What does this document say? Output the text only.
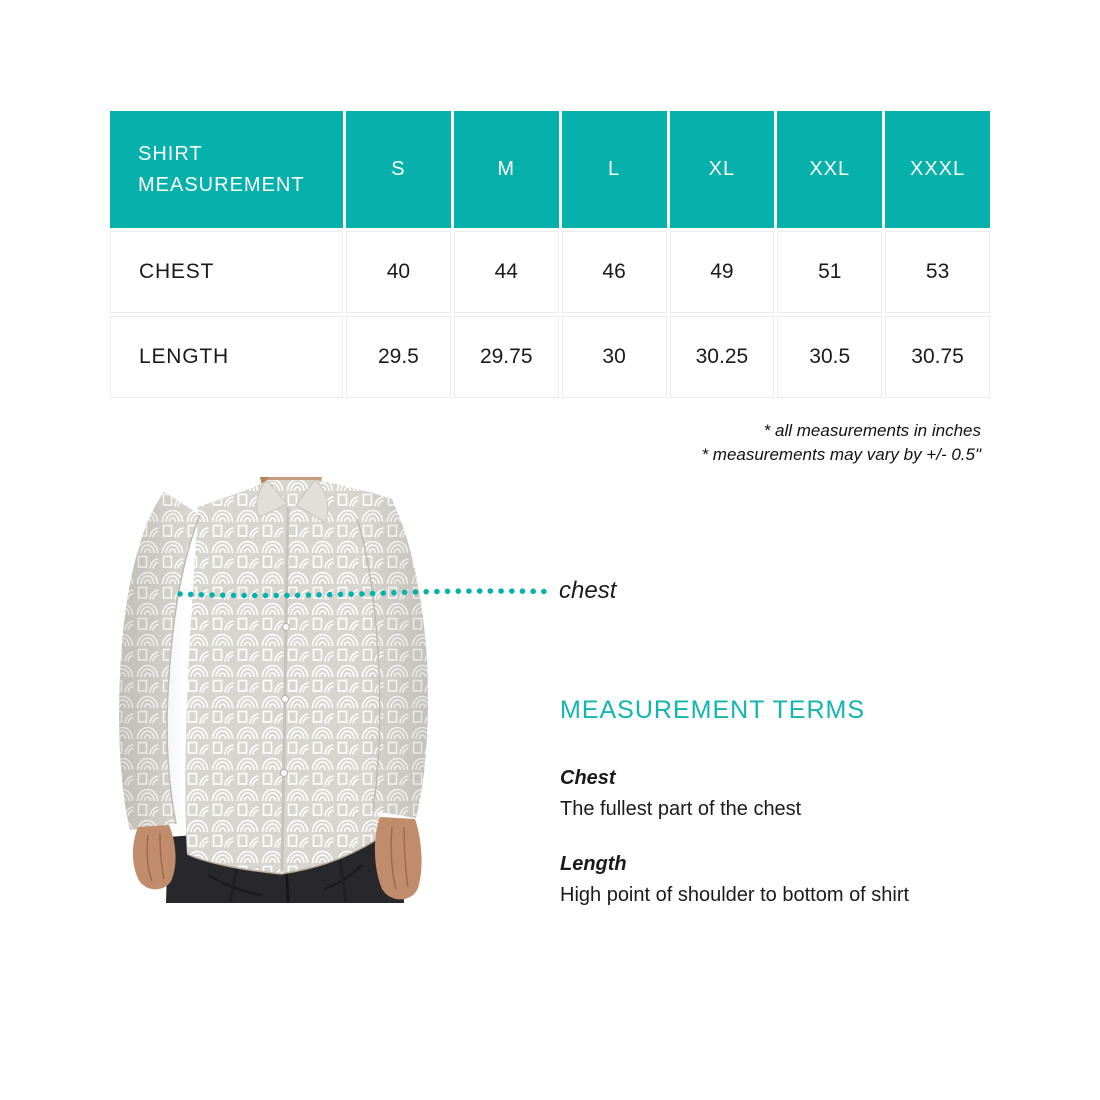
SHIRT MEASUREMENT
S	M	L	XL	XXL	XXXL
CHEST	40	44	46	49	51	53
LENGTH	29.5	29.75	30	30.25	30.5	30.75
* all measurements in inches
* measurements may vary by +/- 0.5"
chest
MEASUREMENT TERMS
Chest
The fullest part of the chest
Length
High point of shoulder to bottom of shirt
